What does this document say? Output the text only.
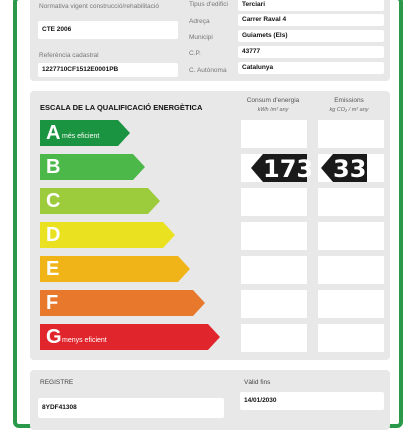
Normativa vigent construcció/rehabilitació
CTE 2006
Referència cadastral
1227710CF1512E0001PB
Tipus d'edifici Terciari
Adreça	Carrer Raval 4
Municipi	Guiamets (Els)
C.P.	43777
C. Autònoma Catalunya
ESCALA DE LA QUALIFICACIÓ ENERGÈTICA
Consum d'energia
kWh /m² any
Emissions
kg CO₂ / m² any
A més eficient
B	173 33
C
D
E
F
G menys eficient
REGISTRE
8YDF41308
Vàlid fins
14/01/2030
